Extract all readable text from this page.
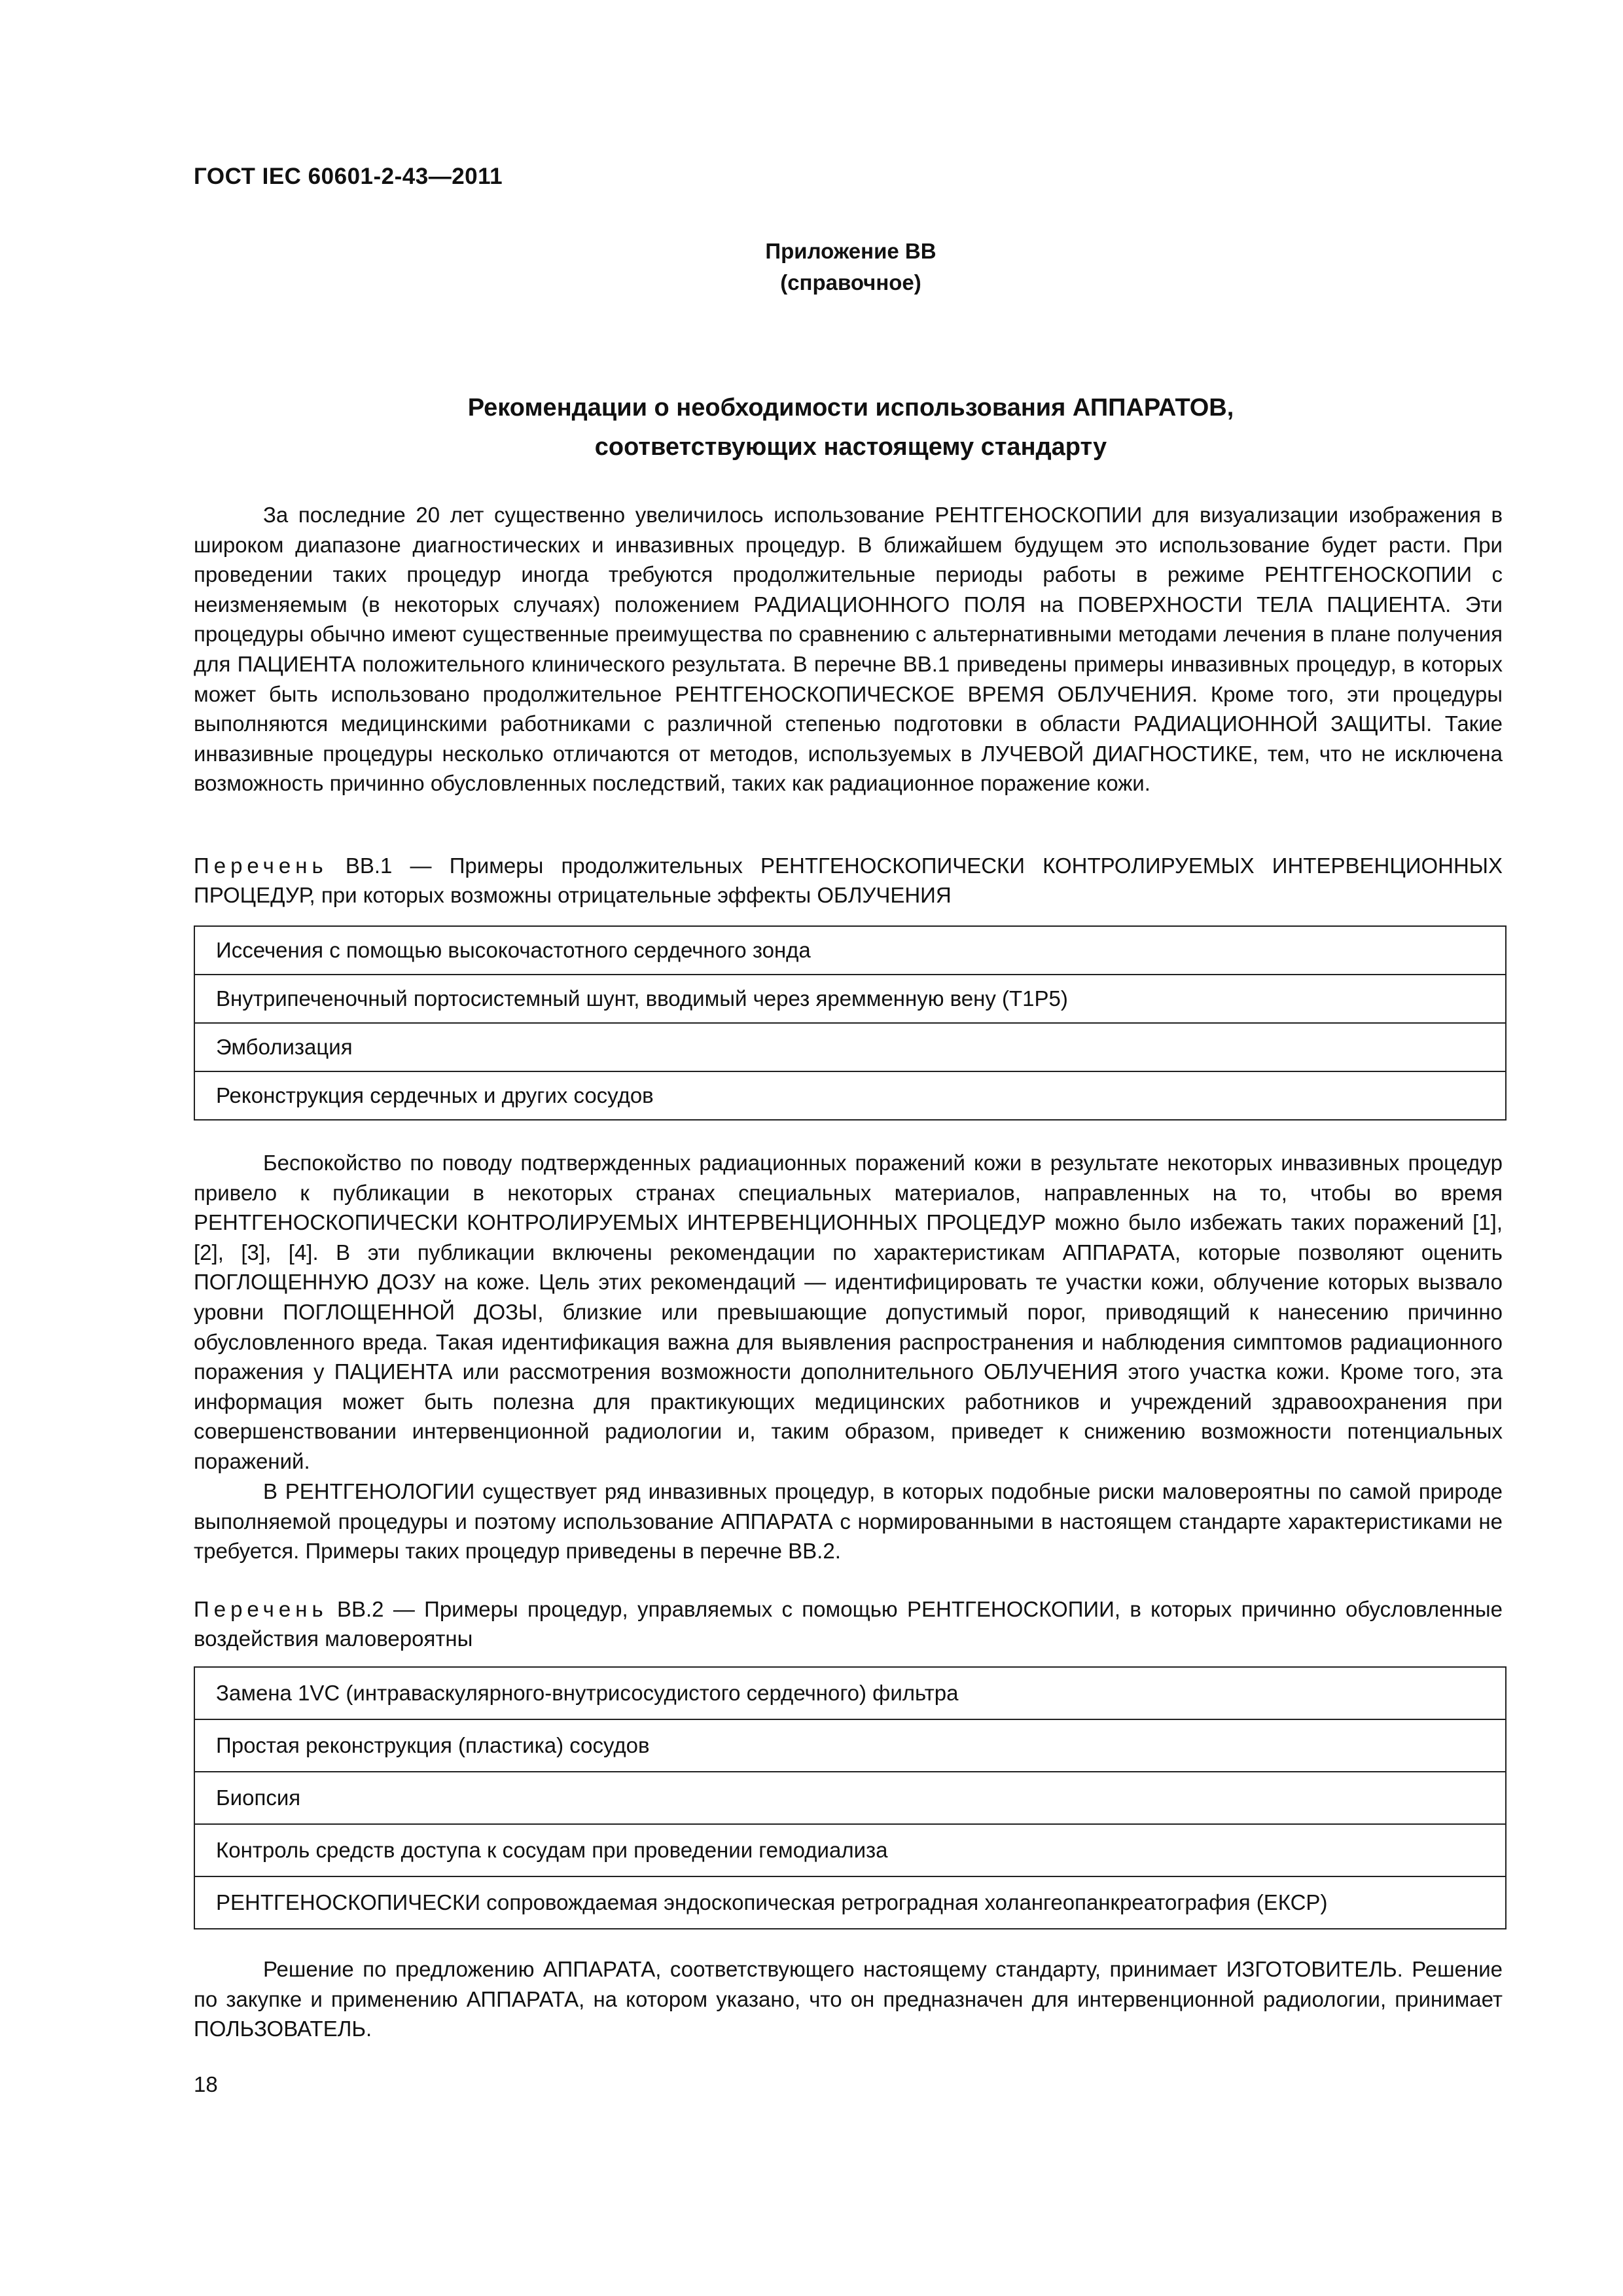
ГОСТ IEC 60601-2-43—2011
Приложение ВВ
(справочное)
Рекомендации о необходимости использования АППАРАТОВ,
соответствующих настоящему стандарту

За последние 20 лет существенно увеличилось использование РЕНТГЕНОСКОПИИ для визуализации изображения в широком диапазоне диагностических и инвазивных процедур. В ближайшем будущем это использование будет расти. При проведении таких процедур иногда требуются продолжительные периоды работы в режиме РЕНТГЕНОСКОПИИ с неизменяемым (в некоторых случаях) положением РАДИАЦИОННОГО ПОЛЯ на ПОВЕРХНОСТИ ТЕЛА ПАЦИЕНТА. Эти процедуры обычно имеют существенные преимущества по сравнению с альтернативными методами лечения в плане получения для ПАЦИЕНТА положительного клинического результата. В перечне ВВ.1 приведены примеры инвазивных процедур, в которых может быть использовано продолжительное РЕНТГЕНОСКОПИЧЕСКОЕ ВРЕМЯ ОБЛУЧЕНИЯ. Кроме того, эти процедуры выполняются медицинскими работниками с различной степенью подготовки в области РАДИАЦИОННОЙ ЗАЩИТЫ. Такие инвазивные процедуры несколько отличаются от методов, используемых в ЛУЧЕВОЙ ДИАГНОСТИКЕ, тем, что не исключена возможность причинно обусловленных последствий, таких как радиационное поражение кожи.

Перечень ВВ.1 — Примеры продолжительных РЕНТГЕНОСКОПИЧЕСКИ КОНТРОЛИРУЕМЫХ ИНТЕРВЕНЦИОННЫХ ПРОЦЕДУР, при которых возможны отрицательные эффекты ОБЛУЧЕНИЯ

Иссечения с помощью высокочастотного сердечного зонда
Внутрипеченочный портосистемный шунт, вводимый через яремменную вену (T1P5)
Эмболизация
Реконструкция сердечных и других сосудов

Беспокойство по поводу подтвержденных радиационных поражений кожи в результате некоторых инвазивных процедур привело к публикации в некоторых странах специальных материалов, направленных на то, чтобы во время РЕНТГЕНОСКОПИЧЕСКИ КОНТРОЛИРУЕМЫХ ИНТЕРВЕНЦИОННЫХ ПРОЦЕДУР можно было избежать таких поражений [1], [2], [3], [4]. В эти публикации включены рекомендации по характеристикам АППАРАТА, которые позволяют оценить ПОГЛОЩЕННУЮ ДОЗУ на коже. Цель этих рекомендаций — идентифицировать те участки кожи, облучение которых вызвало уровни ПОГЛОЩЕННОЙ ДОЗЫ, близкие или превышающие допустимый порог, приводящий к нанесению причинно обусловленного вреда. Такая идентификация важна для выявления распространения и наблюдения симптомов радиационного поражения у ПАЦИЕНТА или рассмотрения возможности дополнительного ОБЛУЧЕНИЯ этого участка кожи. Кроме того, эта информация может быть полезна для практикующих медицинских работников и учреждений здравоохранения при совершенствовании интервенционной радиологии и, таким образом, приведет к снижению возможности потенциальных поражений.

В РЕНТГЕНОЛОГИИ существует ряд инвазивных процедур, в которых подобные риски маловероятны по самой природе выполняемой процедуры и поэтому использование АППАРАТА с нормированными в настоящем стандарте характеристиками не требуется. Примеры таких процедур приведены в перечне ВВ.2.

Перечень ВВ.2 — Примеры процедур, управляемых с помощью РЕНТГЕНОСКОПИИ, в которых причинно обусловленные воздействия маловероятны

Замена 1VC (интраваскулярного-внутрисосудистого сердечного) фильтра
Простая реконструкция (пластика) сосудов
Биопсия
Контроль средств доступа к сосудам при проведении гемодиализа
РЕНТГЕНОСКОПИЧЕСКИ сопровождаемая эндоскопическая ретроградная холангеопанкреатография (ЕКСР)

Решение по предложению АППАРАТА, соответствующего настоящему стандарту, принимает ИЗГОТОВИТЕЛЬ. Решение по закупке и применению АППАРАТА, на котором указано, что он предназначен для интервенционной радиологии, принимает ПОЛЬЗОВАТЕЛЬ.

18
